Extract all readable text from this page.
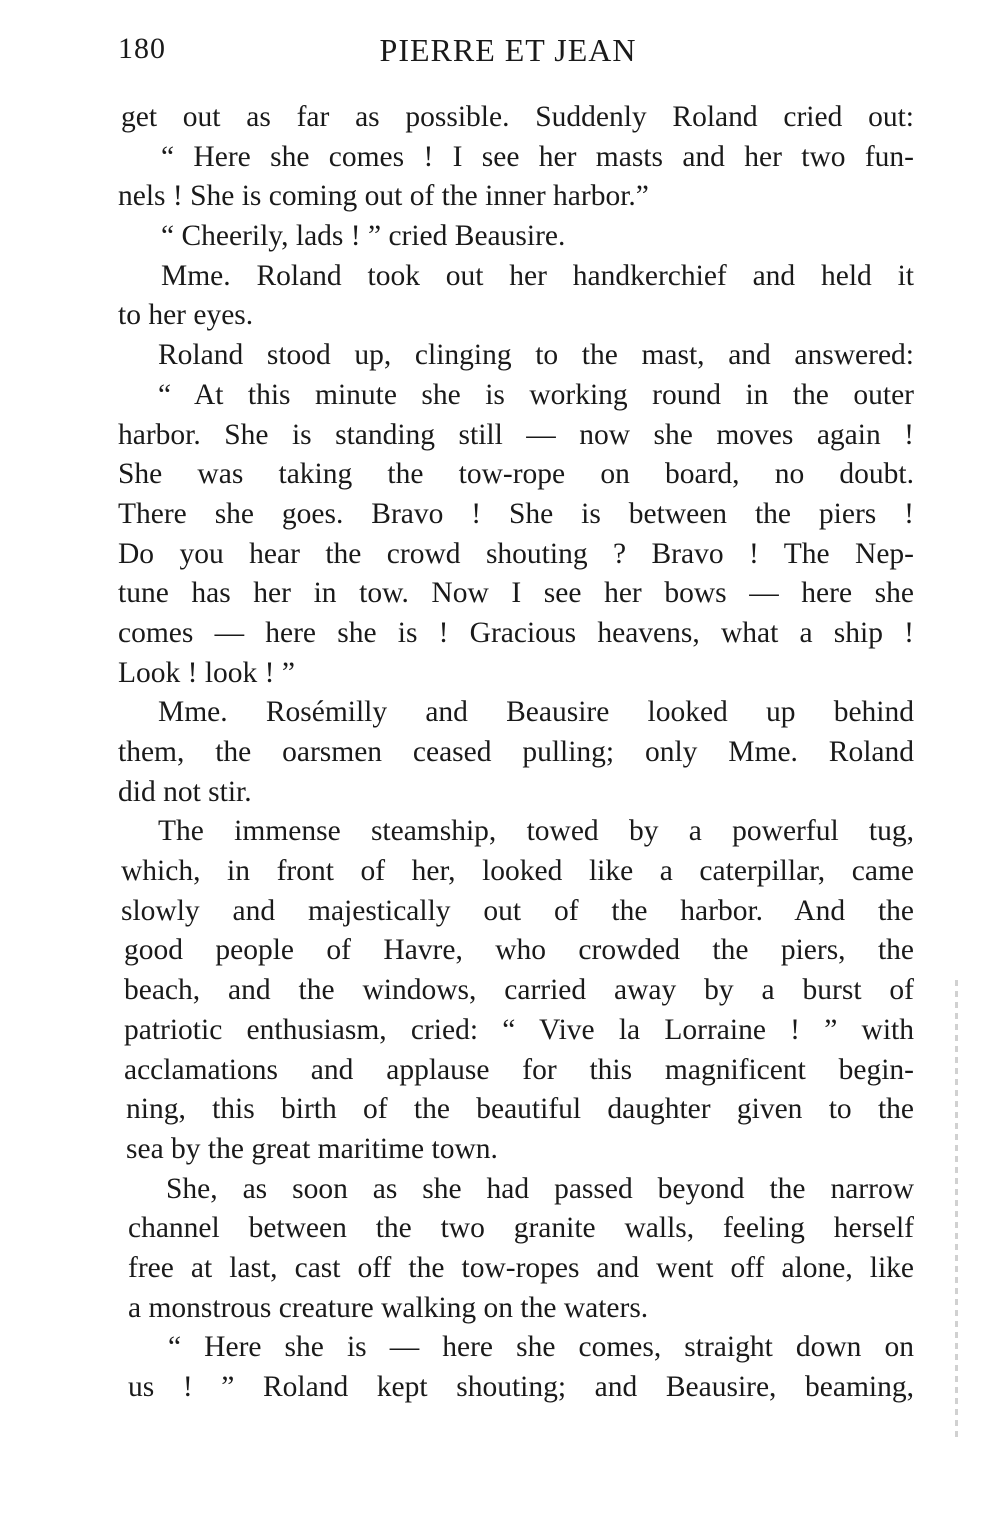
180	PIERRE ET JEAN
get out as far as possible. Suddenly Roland cried out:
“ Here she comes ! I see her masts and her two fun-
nels ! She is coming out of the inner harbor.”
“ Cheerily, lads ! ” cried Beausire.
Mme. Roland took out her handkerchief and held it
to her eyes.
Roland stood up, clinging to the mast, and answered:
“ At this minute she is working round in the outer
harbor. She is standing still — now she moves again !
She was taking the tow-rope on board, no doubt.
There she goes. Bravo ! She is between the piers !
Do you hear the crowd shouting ? Bravo ! The Nep-
tune has her in tow. Now I see her bows — here she
comes — here she is ! Gracious heavens, what a ship !
Look ! look ! ”
Mme. Rosémilly and Beausire looked up behind
them, the oarsmen ceased pulling; only Mme. Roland
did not stir.
The immense steamship, towed by a powerful tug,
which, in front of her, looked like a caterpillar, came
slowly and majestically out of the harbor. And the
good people of Havre, who crowded the piers, the
beach, and the windows, carried away by a burst of
patriotic enthusiasm, cried: “ Vive la Lorraine ! ” with
acclamations and applause for this magnificent begin-
ning, this birth of the beautiful daughter given to the
sea by the great maritime town.
She, as soon as she had passed beyond the narrow
channel between the two granite walls, feeling herself
free at last, cast off the tow-ropes and went off alone, like
a monstrous creature walking on the waters.
“ Here she is — here she comes, straight down on
us ! ” Roland kept shouting; and Beausire, beaming,
